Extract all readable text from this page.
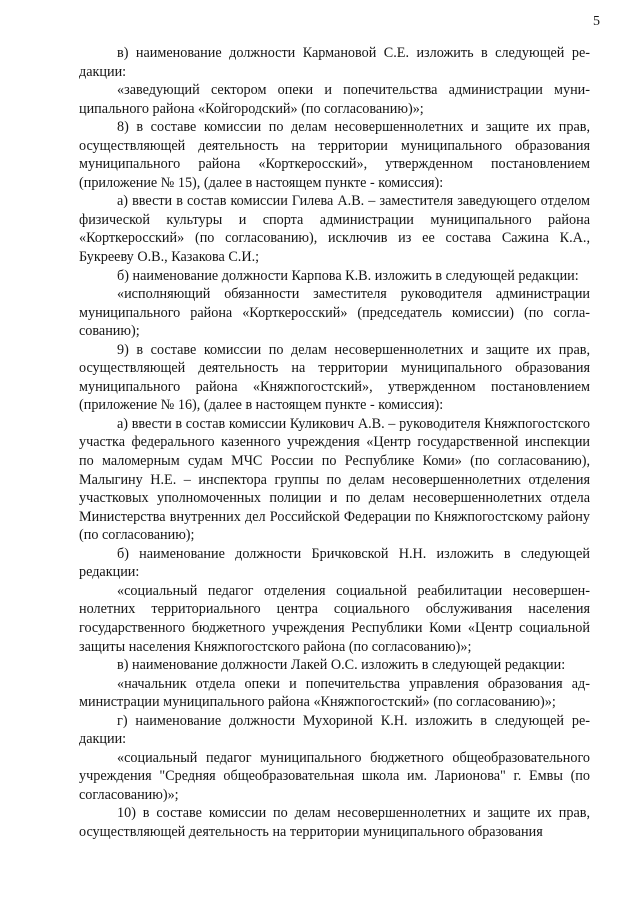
5

в) наименование должности Кармановой С.Е. изложить в следующей редакции:

«заведующий сектором опеки и попечительства администрации муниципального района «Койгородский» (по согласованию)»;

8) в составе комиссии по делам несовершеннолетних и защите их прав, осуществляющей деятельность на территории муниципального образования муниципального района «Корткеросский», утвержденном постановлением (приложение № 15), (далее в настоящем пункте - комиссия):

а) ввести в состав комиссии Гилева А.В. – заместителя заведующего отделом физической культуры и спорта администрации муниципального района «Корткеросский» (по согласованию), исключив из ее состава Сажина К.А., Букрееву О.В., Казакова С.И.;

б) наименование должности Карпова К.В. изложить в следующей редакции:

«исполняющий обязанности заместителя руководителя администрации муниципального района «Корткеросский» (председатель комиссии) (по согласованию);

9) в составе комиссии по делам несовершеннолетних и защите их прав, осуществляющей деятельность на территории муниципального образования муниципального района «Княжпогостский», утвержденном постановлением (приложение № 16), (далее в настоящем пункте - комиссия):

а) ввести в состав комиссии Куликович А.В. – руководителя Княжпогостского участка федерального казенного учреждения «Центр государственной инспекции по маломерным судам МЧС России по Республике Коми» (по согласованию), Малыгину Н.Е. – инспектора группы по делам несовершеннолетних отделения участковых уполномоченных полиции и по делам несовершеннолетних отдела Министерства внутренних дел Российской Федерации по Княжпогостскому району (по согласованию);

б) наименование должности Бричковской Н.Н. изложить в следующей редакции:

«социальный педагог отделения социальной реабилитации несовершеннолетних территориального центра социального обслуживания населения государственного бюджетного учреждения Республики Коми «Центр социальной защиты населения Княжпогостского района (по согласованию)»;

в) наименование должности Лакей О.С. изложить в следующей редакции:

«начальник отдела опеки и попечительства управления образования администрации муниципального района «Княжпогостский» (по согласованию)»;

г) наименование должности Мухориной К.Н. изложить в следующей редакции:

«социальный педагог муниципального бюджетного общеобразовательного учреждения "Средняя общеобразовательная школа им. Ларионова" г. Емвы (по согласованию)»;

10) в составе комиссии по делам несовершеннолетних и защите их прав, осуществляющей деятельность на территории муниципального образования
